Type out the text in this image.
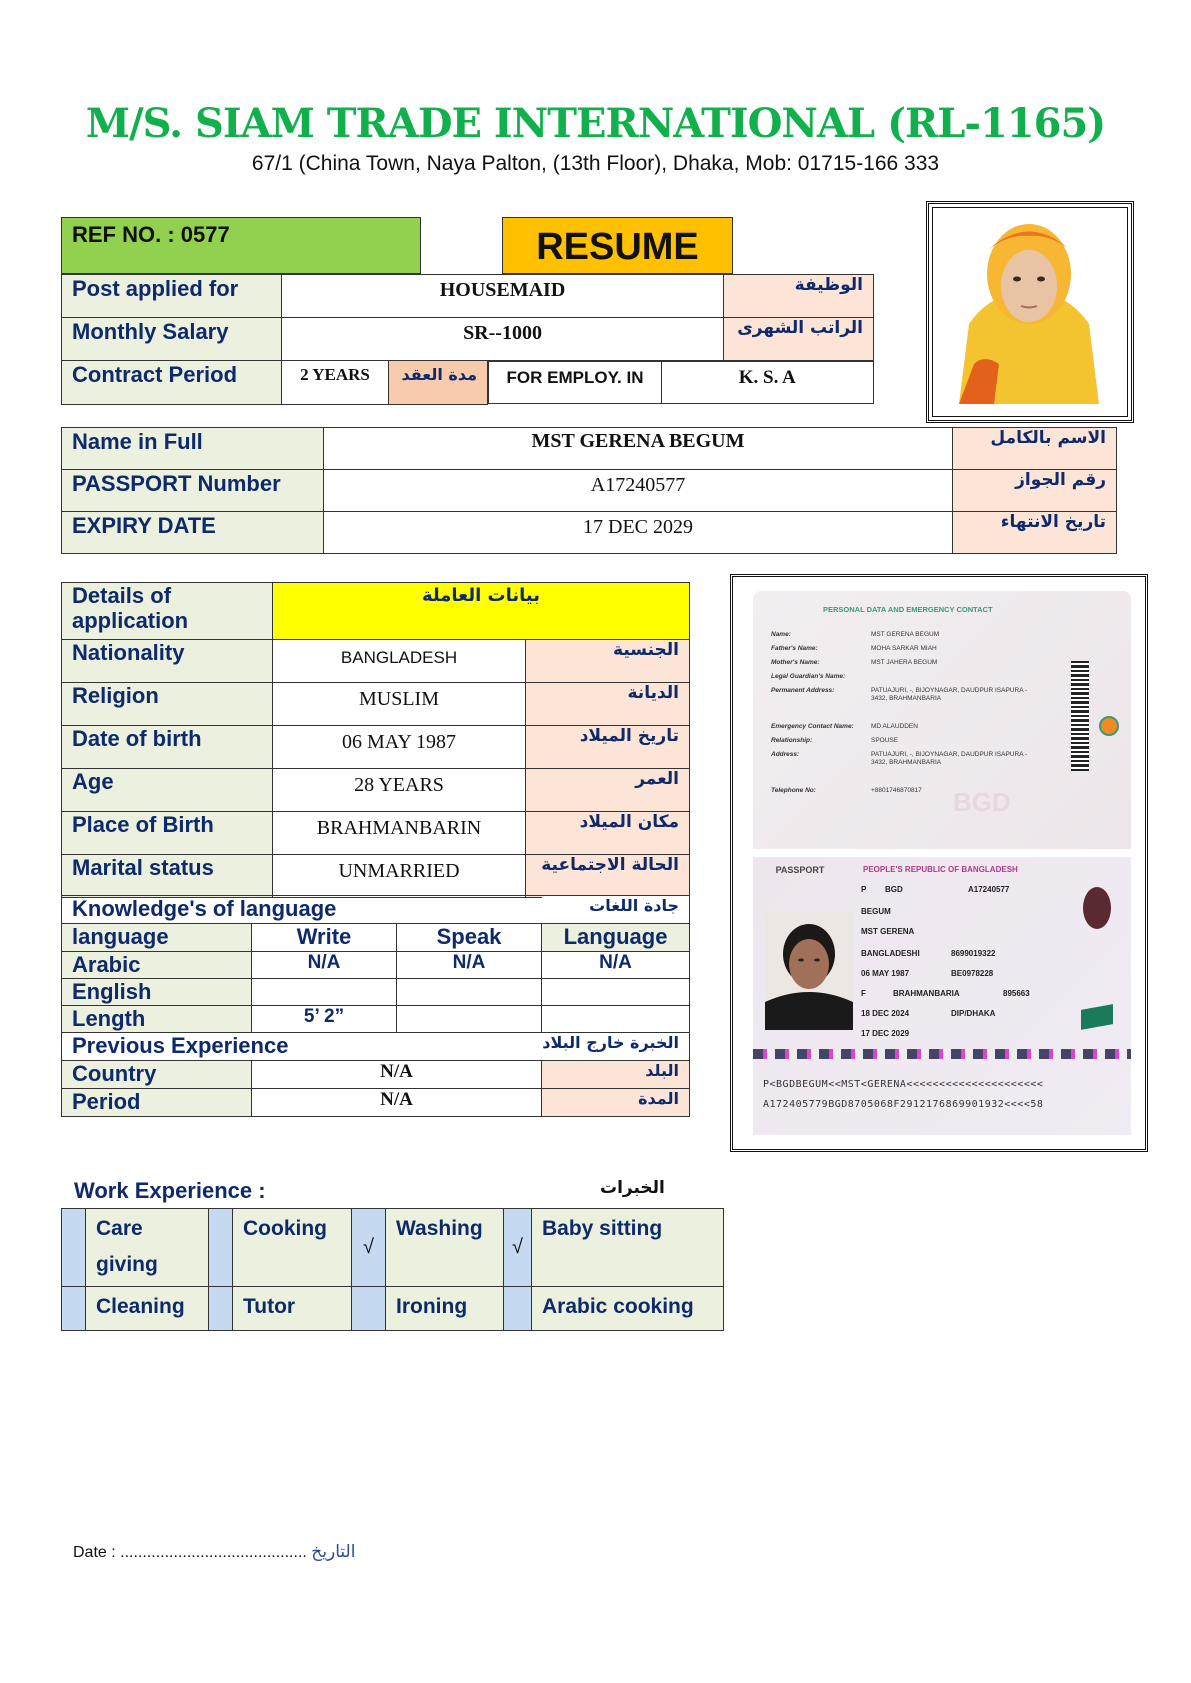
M/S. SIAM TRADE INTERNATIONAL (RL-1165)
67/1 (China Town, Naya Palton, (13th Floor), Dhaka, Mob: 01715-166 333
REF NO. : 0577	RESUME
Post applied for	HOUSEMAID	الوظيفة
Monthly Salary	SR--1000	الراتب الشهرى
Contract Period	2 YEARS	مدة العقد	FOR EMPLOY. IN	K. S. A
Name in Full	MST GERENA BEGUM	الاسم بالكامل
PASSPORT Number	A17240577	رقم الجواز
EXPIRY DATE	17 DEC 2029	تاريخ الانتهاء
Details of application	بيانات العاملة	
Nationality	BANGLADESH	الجنسية
Religion	MUSLIM	الديانة
Date of birth	06 MAY 1987	تاريخ الميلاد
Age	28 YEARS	العمر
Place of Birth	BRAHMANBARIN	مكان الميلاد
Marital status	UNMARRIED	الحالة الاجتماعية
Knowledge's of language			جادة اللغات
language	Write	Speak	Language
Arabic	N/A	N/A	N/A
English			
Length	5’ 2”		
Previous Experience		الخبرة خارج البلاد	
Country	N/A		البلد
Period	N/A		المدة
PERSONAL DATA AND EMERGENCY CONTACT
BGD
Name:	MST GERENA BEGUM
Father's Name:	MOHA SARKAR MIAH
Mother's Name:	MST JAHERA BEGUM
Legal Guardian's Name:
Permanent Address:	PATUAJURI, -, BIJOYNAGAR, DAUDPUR ISAPURA - 3432, BRAHMANBARIA
Emergency Contact Name:	MD ALAUDDEN
Relationship:	SPOUSE
Address:	PATUAJURI, -, BIJOYNAGAR, DAUDPUR ISAPURA - 3432, BRAHMANBARIA
Telephone No:	+8801746870817
PASSPORT	PEOPLE'S REPUBLIC OF BANGLADESH
P BGD	A17240577
BEGUM
MST GERENA
BANGLADESHI	8699019322
06 MAY 1987	BE0978228
F	BRAHMANBARIA	895663
18 DEC 2024	DIP/DHAKA
17 DEC 2029
P<BGDBEGUM<<MST<GERENA<<<<<<<<<<<<<<<<<<<<<
A172405779BGD8705068F2912176869901932<<<<58
Work Experience :	الخبرات
	Care giving		Cooking	√	Washing	√	Baby sitting
	Cleaning		Tutor		Ironing		Arabic cooking
Date : .......................................... التاريخ
